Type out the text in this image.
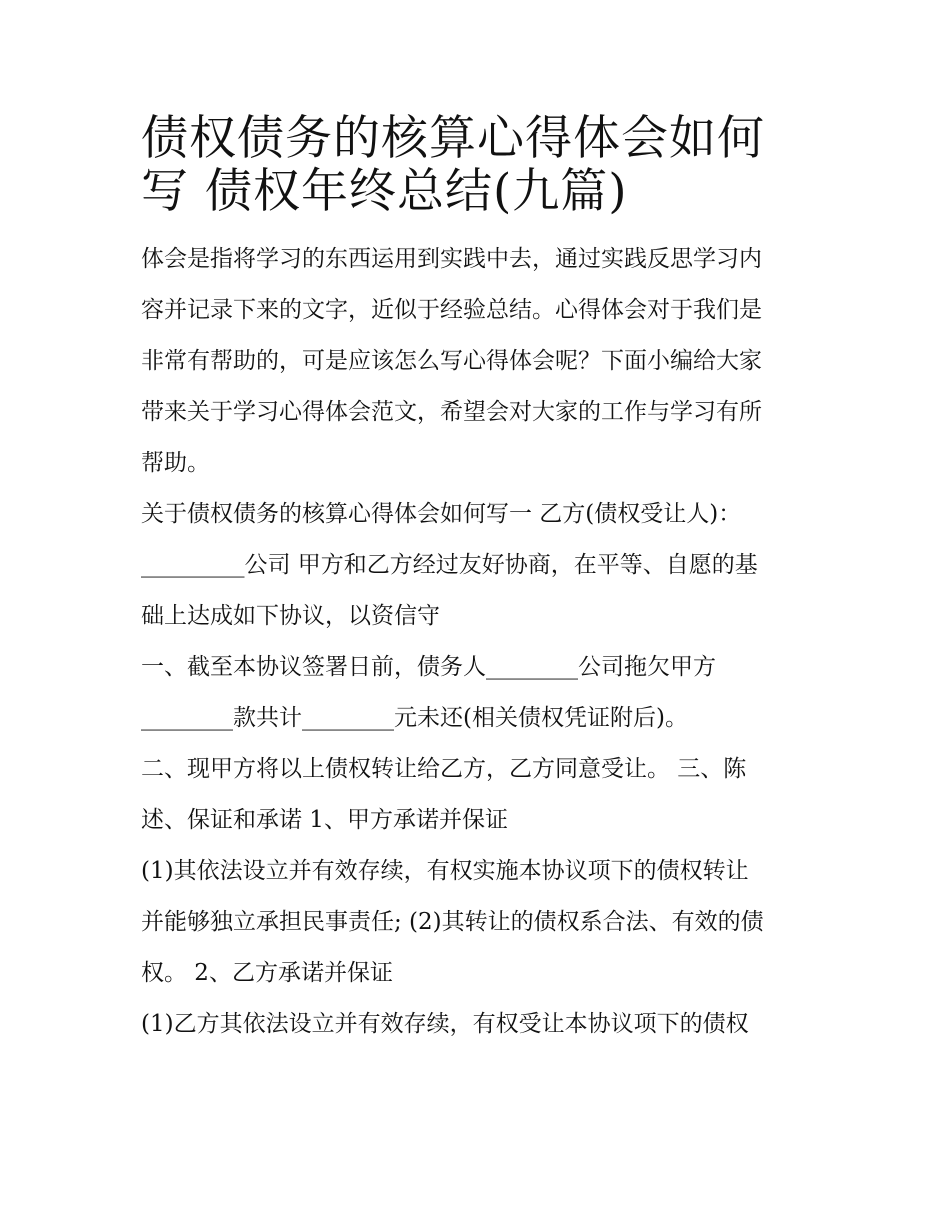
债权债务的核算心得体会如何
写 债权年终总结(九篇)

体会是指将学习的东西运用到实践中去，通过实践反思学习内
容并记录下来的文字，近似于经验总结。心得体会对于我们是
非常有帮助的，可是应该怎么写心得体会呢？下面小编给大家
带来关于学习心得体会范文，希望会对大家的工作与学习有所
帮助。

关于债权债务的核算心得体会如何写一 乙方(债权受让人)：
_________公司 甲方和乙方经过友好协商，在平等、自愿的基
础上达成如下协议，以资信守

一、截至本协议签署日前，债务人________公司拖欠甲方
________款共计________元未还(相关债权凭证附后)。

二、现甲方将以上债权转让给乙方，乙方同意受让。 三、陈
述、保证和承诺 1、甲方承诺并保证

(1)其依法设立并有效存续，有权实施本协议项下的债权转让
并能够独立承担民事责任; (2)其转让的债权系合法、有效的债
权。 2、乙方承诺并保证

(1)乙方其依法设立并有效存续，有权受让本协议项下的债权
